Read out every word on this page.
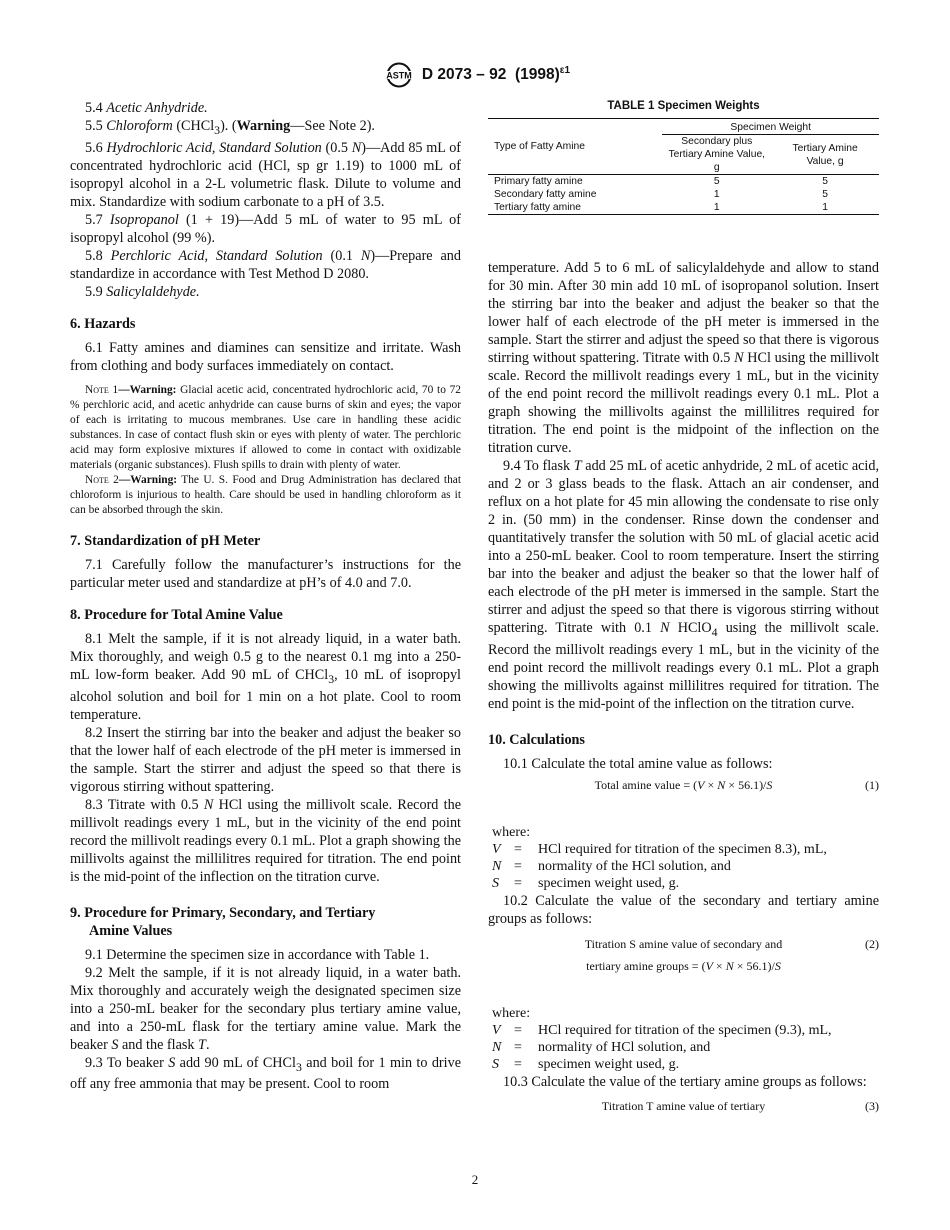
ASTM D 2073 – 92 $(1998)^{\varepsilon 1}$

5.4 Acetic Anhydride.

5.5 Chloroform (CHCl$_3$). (Warning—See Note 2).

5.6 Hydrochloric Acid, Standard Solution (0.5 N)—Add 85 mL of concentrated hydrochloric acid (HCl, sp gr 1.19) to 1000 mL of isopropyl alcohol in a 2-L volumetric flask. Dilute to volume and mix. Standardize with sodium carbonate to a pH of 3.5.

5.7 Isopropanol (1 + 19)—Add 5 mL of water to 95 mL of isopropyl alcohol (99 %).

5.8 Perchloric Acid, Standard Solution (0.1 N)—Prepare and standardize in accordance with Test Method D 2080.

5.9 Salicylaldehyde.

6. Hazards

6.1 Fatty amines and diamines can sensitize and irritate. Wash from clothing and body surfaces immediately on contact.

Note 1—Warning: Glacial acetic acid, concentrated hydrochloric acid, 70 to 72 % perchloric acid, and acetic anhydride can cause burns of skin and eyes; the vapor of each is irritating to mucous membranes. Use care in handling these acidic substances. In case of contact flush skin or eyes with plenty of water. The perchloric acid may form explosive mixtures if allowed to come in contact with oxidizable materials (organic substances). Flush spills to drain with plenty of water.

Note 2—Warning: The U. S. Food and Drug Administration has declared that chloroform is injurious to health. Care should be used in handling chloroform as it can be absorbed through the skin.

7. Standardization of pH Meter

7.1 Carefully follow the manufacturer’s instructions for the particular meter used and standardize at pH’s of 4.0 and 7.0.

8. Procedure for Total Amine Value

8.1 Melt the sample, if it is not already liquid, in a water bath. Mix thoroughly, and weigh 0.5 g to the nearest 0.1 mg into a 250-mL low-form beaker. Add 90 mL of CHCl$_3$, 10 mL of isopropyl alcohol solution and boil for 1 min on a hot plate. Cool to room temperature.

8.2 Insert the stirring bar into the beaker and adjust the beaker so that the lower half of each electrode of the pH meter is immersed in the sample. Start the stirrer and adjust the speed so that there is vigorous stirring without spattering.

8.3 Titrate with 0.5 N HCl using the millivolt scale. Record the millivolt readings every 1 mL, but in the vicinity of the end point record the millivolt readings every 0.1 mL. Plot a graph showing the millivolts against the millilitres required for titration. The end point is the mid-point of the inflection on the titration curve.

9. Procedure for Primary, Secondary, and Tertiary
Amine Values

9.1 Determine the specimen size in accordance with Table 1.

9.2 Melt the sample, if it is not already liquid, in a water bath. Mix thoroughly and accurately weigh the designated specimen size into a 250-mL beaker for the secondary plus tertiary amine value, and into a 250-mL flask for the tertiary amine value. Mark the beaker S and the flask T.

9.3 To beaker S add 90 mL of CHCl$_3$ and boil for 1 min to drive off any free ammonia that may be present. Cool to room

TABLE 1 Specimen Weights

Type of Fatty Amine	Specimen Weight	
	Secondary plus Tertiary Amine Value, g	Tertiary Amine Value, g
Primary fatty amine	5	5
Secondary fatty amine	1	5
Tertiary fatty amine	1	1

temperature. Add 5 to 6 mL of salicylaldehyde and allow to stand for 30 min. After 30 min add 10 mL of isopropanol solution. Insert the stirring bar into the beaker and adjust the beaker so that the lower half of each electrode of the pH meter is immersed in the sample. Start the stirrer and adjust the speed so that there is vigorous stirring without spattering. Titrate with 0.5 N HCl using the millivolt scale. Record the millivolt readings every 1 mL, but in the vicinity of the end point record the millivolt readings every 0.1 mL. Plot a graph showing the millivolts against the millilitres required for titration. The end point is the midpoint of the inflection on the titration curve.

9.4 To flask T add 25 mL of acetic anhydride, 2 mL of acetic acid, and 2 or 3 glass beads to the flask. Attach an air condenser, and reflux on a hot plate for 45 min allowing the condensate to rise only 2 in. (50 mm) in the condenser. Rinse down the condenser and quantitatively transfer the solution with 50 mL of glacial acetic acid into a 250-mL beaker. Cool to room temperature. Insert the stirring bar into the beaker and adjust the beaker so that the lower half of each electrode of the pH meter is immersed in the sample. Start the stirrer and adjust the speed so that there is vigorous stirring without spattering. Titrate with 0.1 N HClO$_4$ using the millivolt scale. Record the millivolt readings every 1 mL, but in the vicinity of the end point record the millivolt readings every 0.1 mL. Plot a graph showing the millivolts against millilitres required for titration. The end point is the mid-point of the inflection on the titration curve.

10. Calculations

10.1 Calculate the total amine value as follows:

Total amine value = (V × N × 56.1)/S	(1)

where:

V	=	HCl required for titration of the specimen 8.3), mL,
N	=	normality of the HCl solution, and
S	=	specimen weight used, g.

10.2 Calculate the value of the secondary and tertiary amine groups as follows:

Titration S amine value of secondary and	(2)
tertiary amine groups = (V × N × 56.1)/S

where:

V	=	HCl required for titration of the specimen (9.3), mL,
N	=	normality of HCl solution, and
S	=	specimen weight used, g.

10.3 Calculate the value of the tertiary amine groups as follows:

Titration T amine value of tertiary	(3)
2
